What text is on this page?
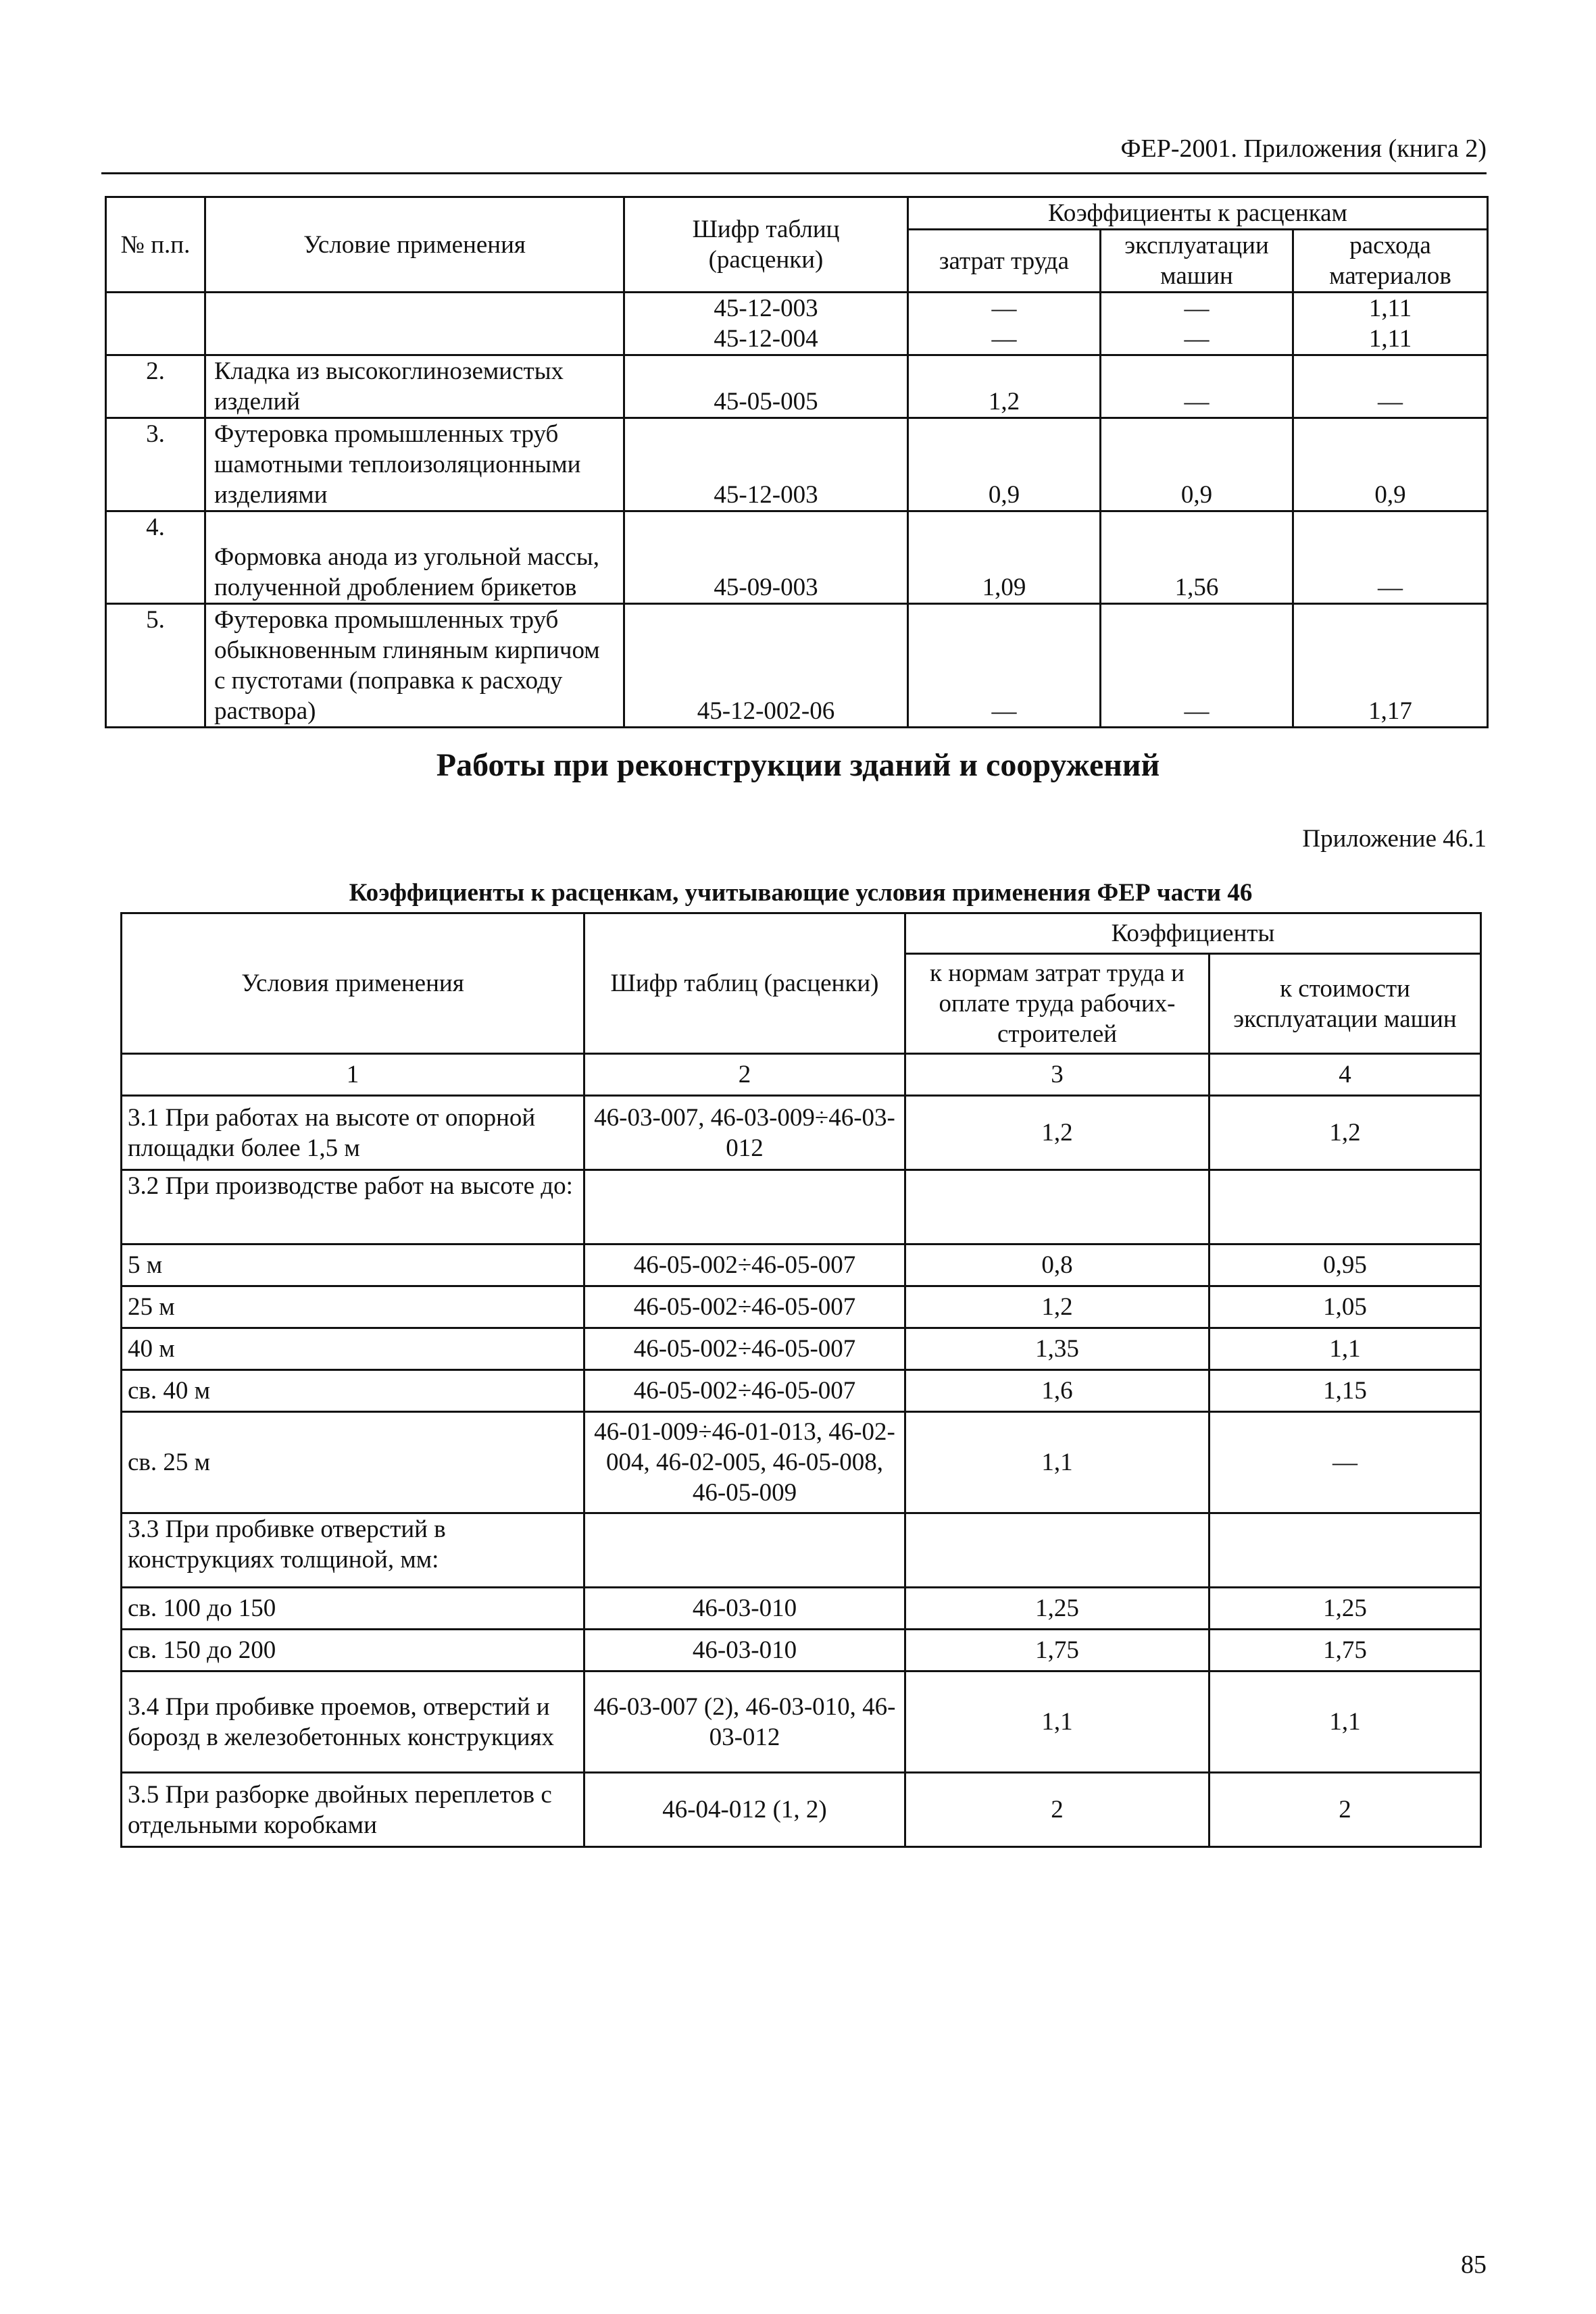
ФЕР-2001. Приложения (книга 2)
№ п.п.	Условие применения	Шифр таблиц (расценки)	Коэффициенты к расценкам		
			затрат труда	эксплуатации машин	расхода материалов
		45-12-003	—	—	1,11
		45-12-004	—	—	1,11
2.	Кладка из высокоглиноземистых изделий	45-05-005	1,2	—	—
3.	Футеровка промышленных труб шамотными теплоизоляционными изделиями	45-12-003	0,9	0,9	0,9
4.	Формовка анода из угольной массы, полученной дроблением брикетов	45-09-003	1,09	1,56	—
5.	Футеровка промышленных труб обыкновенным глиняным кирпичом с пустотами (поправка к расходу раствора)	45-12-002-06	—	—	1,17
Работы при реконструкции зданий и сооружений
Приложение 46.1
Коэффициенты к расценкам, учитывающие условия применения ФЕР части 46
Условия применения	Шифр таблиц (расценки)	Коэффициенты	
		к нормам затрат труда и оплате труда рабочих-строителей	к стоимости эксплуатации машин
1	2	3	4
3.1 При работах на высоте от опорной площадки более 1,5 м	46-03-007, 46-03-009÷46-03-012	1,2	1,2
3.2 При производстве работ на высоте до:			
5 м	46-05-002÷46-05-007	0,8	0,95
25 м	46-05-002÷46-05-007	1,2	1,05
40 м	46-05-002÷46-05-007	1,35	1,1
св. 40 м	46-05-002÷46-05-007	1,6	1,15
св. 25 м	46-01-009÷46-01-013, 46-02-004, 46-02-005, 46-05-008, 46-05-009	1,1	—
3.3 При пробивке отверстий в конструкциях толщиной, мм:			
св. 100 до 150	46-03-010	1,25	1,25
св. 150 до 200	46-03-010	1,75	1,75
3.4 При пробивке проемов, отверстий и борозд в железобетонных конструкциях	46-03-007 (2), 46-03-010, 46-03-012	1,1	1,1
3.5 При разборке двойных переплетов с отдельными коробками	46-04-012 (1, 2)	2	2
85
